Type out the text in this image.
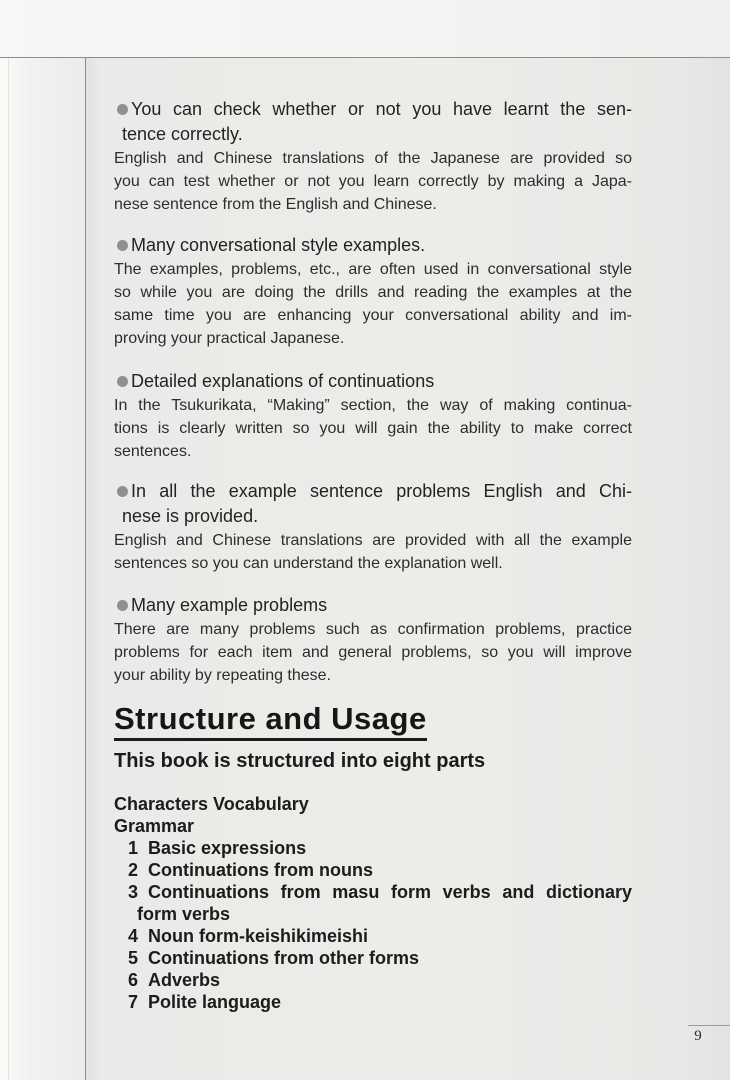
You can check whether or not you have learnt the sen-
tence correctly.
English and Chinese translations of the Japanese are provided so
you can test whether or not you learn correctly by making a Japa-
nese sentence from the English and Chinese.
Many conversational style examples.
The examples, problems, etc., are often used in conversational style
so while you are doing the drills and reading the examples at the
same time you are enhancing your conversational ability and im-
proving your practical Japanese.
Detailed explanations of continuations
In the Tsukurikata, “Making” section, the way of making continua-
tions is clearly written so you will gain the ability to make correct
sentences.
In all the example sentence problems English and Chi-
nese is provided.
English and Chinese translations are provided with all the example
sentences so you can understand the explanation well.
Many example problems
There are many problems such as confirmation problems, practice
problems for each item and general problems, so you will improve
your ability by repeating these.
Structure and Usage
This book is structured into eight parts
Characters Vocabulary
Grammar
1 Basic expressions
2 Continuations from nouns
3 Continuations from masu form verbs and dictionary
form verbs
4 Noun form-keishikimeishi
5 Continuations from other forms
6 Adverbs
7 Polite language
9
